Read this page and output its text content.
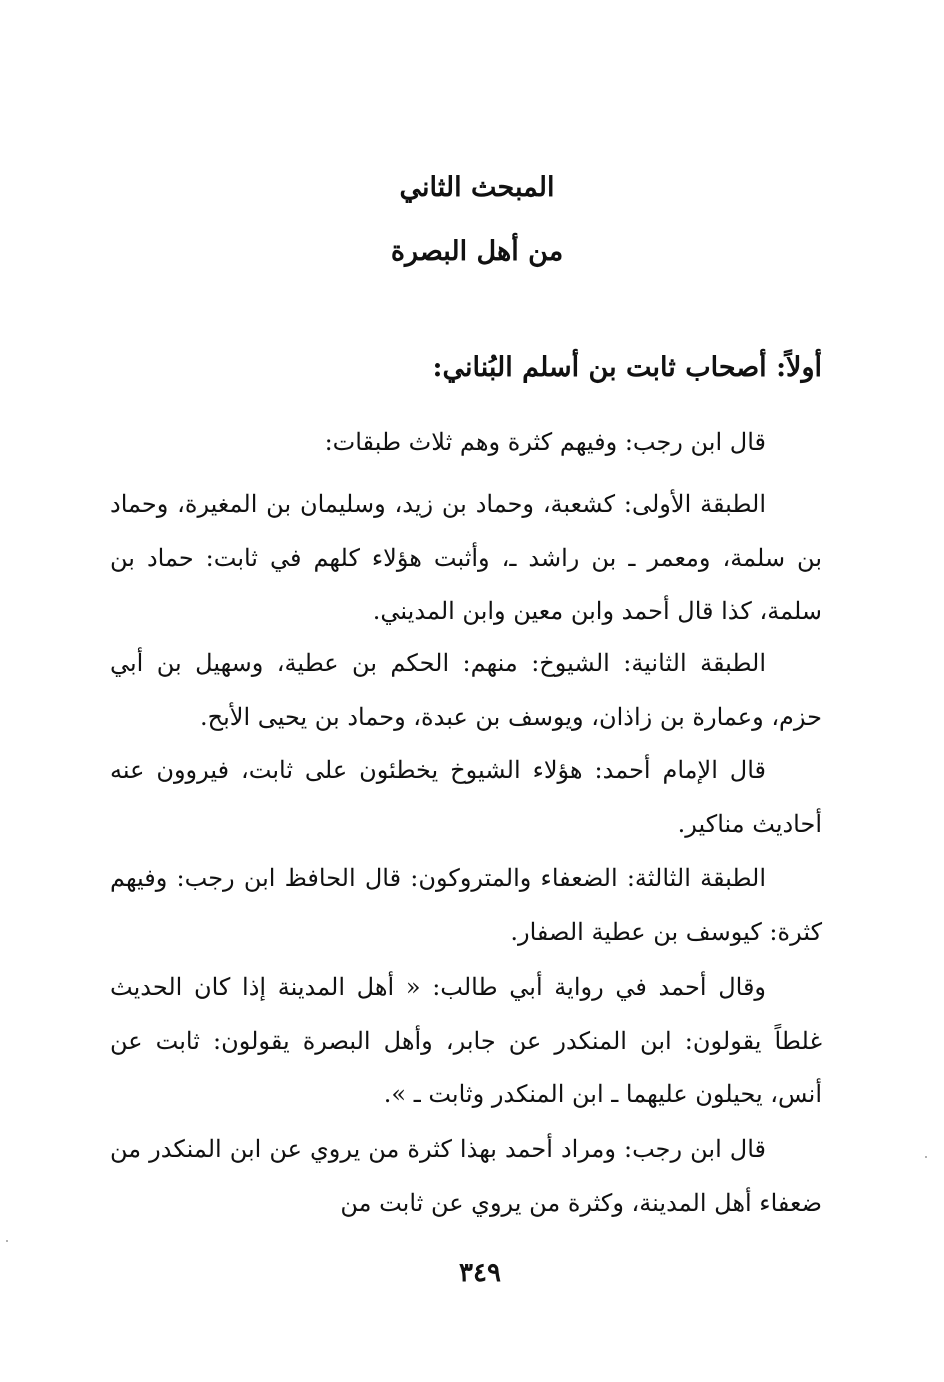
المبحث الثاني
من أهل البصرة
أولاً: أصحاب ثابت بن أسلم البُناني:
قال ابن رجب: وفيهم كثرة وهم ثلاث طبقات:
الطبقة الأولى: كشعبة، وحماد بن زيد، وسليمان بن المغيرة، وحماد بن سلمة، ومعمر ـ بن راشد ـ، وأثبت هؤلاء كلهم في ثابت: حماد بن سلمة، كذا قال أحمد وابن معين وابن المديني.
الطبقة الثانية: الشيوخ: منهم: الحكم بن عطية، وسهيل بن أبي حزم، وعمارة بن زاذان، ويوسف بن عبدة، وحماد بن يحيى الأبح.
قال الإمام أحمد: هؤلاء الشيوخ يخطئون على ثابت، فيروون عنه أحاديث مناكير.
الطبقة الثالثة: الضعفاء والمتروكون: قال الحافظ ابن رجب: وفيهم كثرة: كيوسف بن عطية الصفار.
وقال أحمد في رواية أبي طالب: « أهل المدينة إذا كان الحديث غلطاً يقولون: ابن المنكدر عن جابر، وأهل البصرة يقولون: ثابت عن أنس، يحيلون عليهما ـ ابن المنكدر وثابت ـ ».
قال ابن رجب: ومراد أحمد بهذا كثرة من يروي عن ابن المنكدر من ضعفاء أهل المدينة، وكثرة من يروي عن ثابت من
٣٤٩
